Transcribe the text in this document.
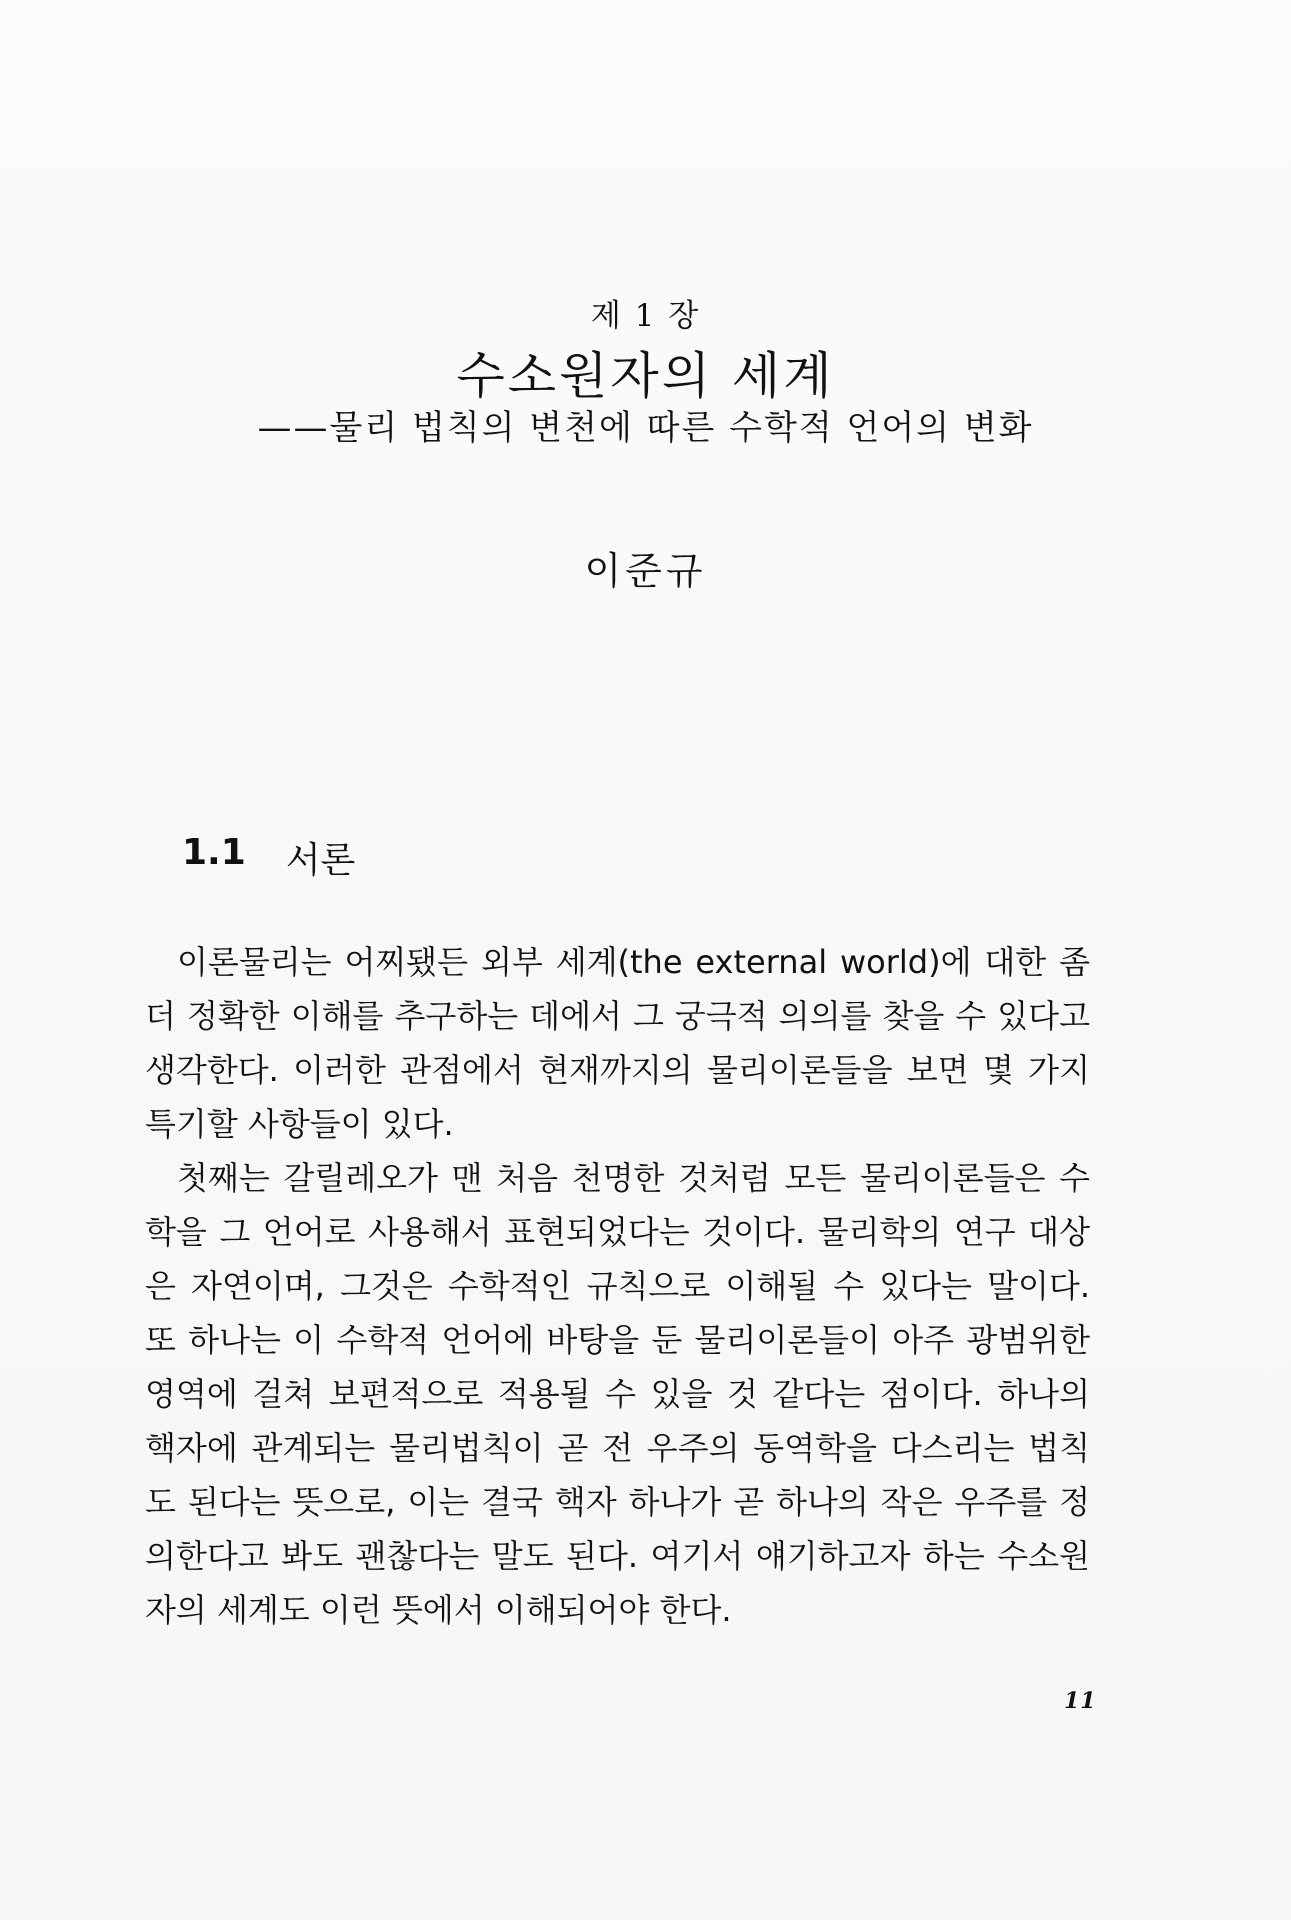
제 1 장
수소원자의 세계
——물리 법칙의 변천에 따른 수학적 언어의 변화
이준규
1.1 서론

이론물리는 어찌됐든 외부 세계(the external world)에 대한 좀 더 정확한 이해를 추구하는 데에서 그 궁극적 의의를 찾을 수 있다고 생각한다. 이러한 관점에서 현재까지의 물리이론들을 보면 몇 가지 특기할 사항들이 있다.

첫째는 갈릴레오가 맨 처음 천명한 것처럼 모든 물리이론들은 수학을 그 언어로 사용해서 표현되었다는 것이다. 물리학의 연구 대상은 자연이며, 그것은 수학적인 규칙으로 이해될 수 있다는 말이다. 또 하나는 이 수학적 언어에 바탕을 둔 물리이론들이 아주 광범위한 영역에 걸쳐 보편적으로 적용될 수 있을 것 같다는 점이다. 하나의 핵자에 관계되는 물리법칙이 곧 전 우주의 동역학을 다스리는 법칙도 된다는 뜻으로, 이는 결국 핵자 하나가 곧 하나의 작은 우주를 정의한다고 봐도 괜찮다는 말도 된다. 여기서 얘기하고자 하는 수소원자의 세계도 이런 뜻에서 이해되어야 한다.

11
